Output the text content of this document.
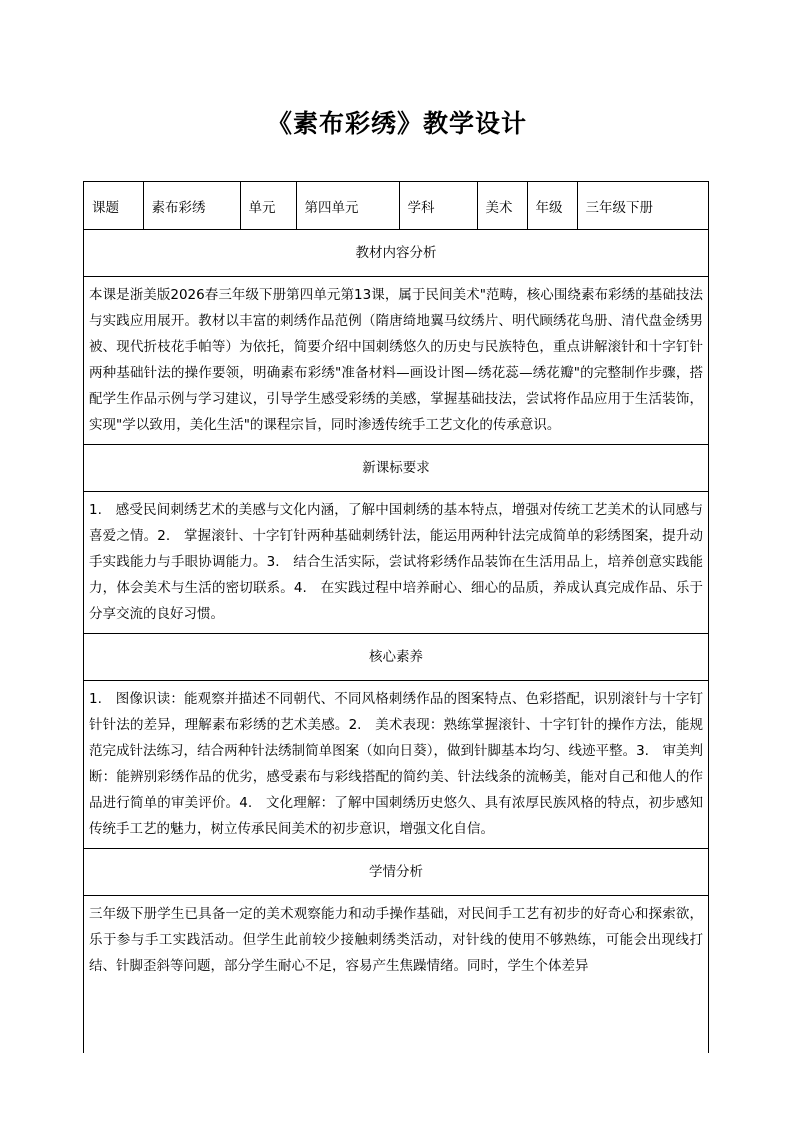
《素布彩绣》教学设计
课题	素布彩绣	单元	第四单元	学科	美术	年级	三年级下册
教材内容分析
本课是浙美版2026春三年级下册第四单元第13课，属于民间美术"范畴，核心围绕素布彩绣的基础技法与实践应用展开。教材以丰富的刺绣作品范例（隋唐绮地翼马纹绣片、明代顾绣花鸟册、清代盘金绣男被、现代折枝花手帕等）为依托，简要介绍中国刺绣悠久的历史与民族特色，重点讲解滚针和十字钉针两种基础针法的操作要领，明确素布彩绣"准备材料—画设计图—绣花蕊—绣花瓣"的完整制作步骤，搭配学生作品示例与学习建议，引导学生感受彩绣的美感，掌握基础技法，尝试将作品应用于生活装饰，实现"学以致用，美化生活"的课程宗旨，同时渗透传统手工艺文化的传承意识。
新课标要求
1.　感受民间刺绣艺术的美感与文化内涵，了解中国刺绣的基本特点，增强对传统工艺美术的认同感与喜爱之情。2.　掌握滚针、十字钉针两种基础刺绣针法，能运用两种针法完成简单的彩绣图案，提升动手实践能力与手眼协调能力。3.　结合生活实际，尝试将彩绣作品装饰在生活用品上，培养创意实践能力，体会美术与生活的密切联系。4.　在实践过程中培养耐心、细心的品质，养成认真完成作品、乐于分享交流的良好习惯。
核心素养
1.　图像识读：能观察并描述不同朝代、不同风格刺绣作品的图案特点、色彩搭配，识别滚针与十字钉针针法的差异，理解素布彩绣的艺术美感。2.　美术表现：熟练掌握滚针、十字钉针的操作方法，能规范完成针法练习，结合两种针法绣制简单图案（如向日葵），做到针脚基本均匀、线迹平整。3.　审美判断：能辨别彩绣作品的优劣，感受素布与彩线搭配的简约美、针法线条的流畅美，能对自己和他人的作品进行简单的审美评价。4.　文化理解：了解中国刺绣历史悠久、具有浓厚民族风格的特点，初步感知传统手工艺的魅力，树立传承民间美术的初步意识，增强文化自信。
学情分析
三年级下册学生已具备一定的美术观察能力和动手操作基础，对民间手工艺有初步的好奇心和探索欲，乐于参与手工实践活动。但学生此前较少接触刺绣类活动，对针线的使用不够熟练，可能会出现线打结、针脚歪斜等问题，部分学生耐心不足，容易产生焦躁情绪。同时，学生个体差异
